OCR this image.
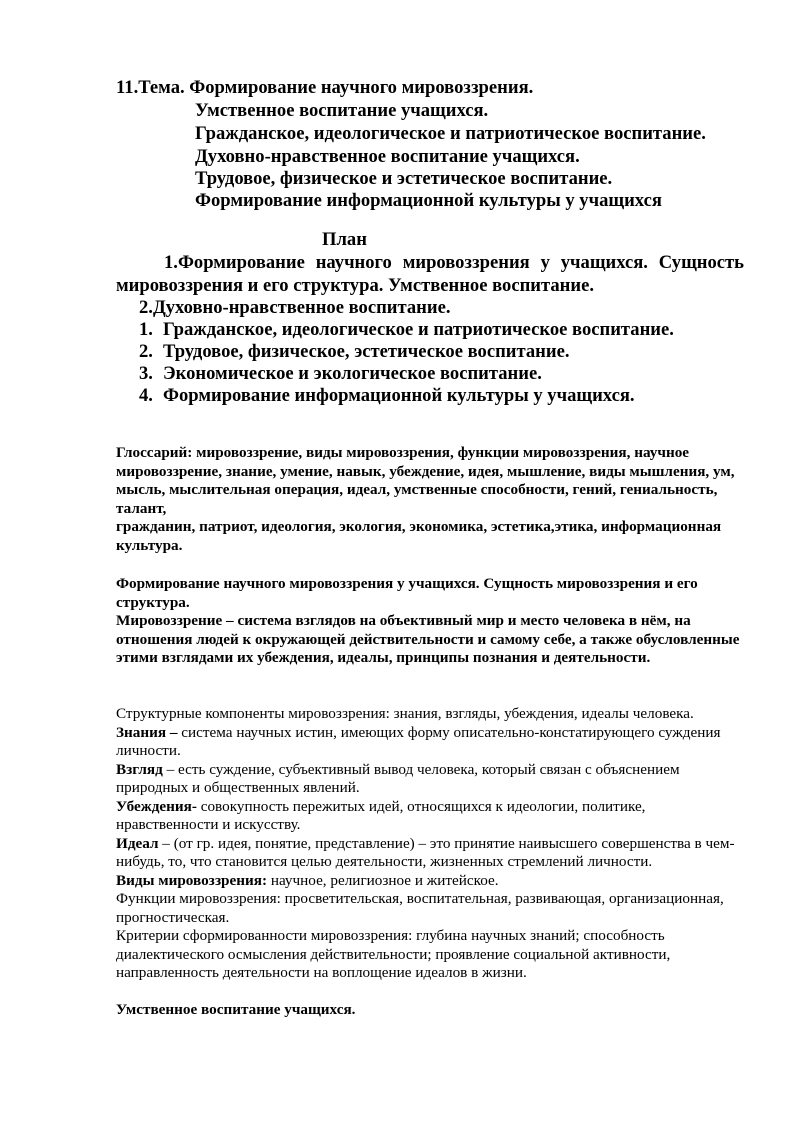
11.Тема. Формирование научного мировоззрения.
Умственное воспитание учащихся.
Гражданское, идеологическое и патриотическое воспитание.
Духовно-нравственное воспитание учащихся.
Трудовое, физическое и эстетическое воспитание.
Формирование информационной культуры у учащихся
План
1.Формирование научного мировоззрения у учащихся. Сущность мировоззрения и его структура. Умственное воспитание.
2.Духовно-нравственное воспитание.
1. Гражданское, идеологическое и патриотическое воспитание.
2. Трудовое, физическое, эстетическое воспитание.
3. Экономическое и экологическое воспитание.
4. Формирование информационной культуры у учащихся.

Глоссарий: мировоззрение, виды мировоззрения, функции мировоззрения, научное мировоззрение, знание, умение, навык, убеждение, идея, мышление, виды мышления, ум, мысль, мыслительная операция, идеал, умственные способности, гений, гениальность, талант,

гражданин, патриот, идеология, экология, экономика, эстетика,этика, информационная культура.

Формирование научного мировоззрения у учащихся. Сущность мировоззрения и его структура.
Мировоззрение – система взглядов на объективный мир и место человека в нём, на отношения людей к окружающей действительности и самому себе, а также обусловленные этими взглядами их убеждения, идеалы, принципы познания и деятельности.

Структурные компоненты мировоззрения: знания, взгляды, убеждения, идеалы человека.

Знания – система научных истин, имеющих форму описательно-констатирующего суждения личности.

Взгляд – есть суждение, субъективный вывод человека, который связан с объяснением природных и общественных явлений.

Убеждения- совокупность пережитых идей, относящихся к идеологии, политике, нравственности и искусству.

Идеал – (от гр. идея, понятие, представление) – это принятие наивысшего совершенства в чем-нибудь, то, что становится целью деятельности, жизненных стремлений личности.

Виды мировоззрения: научное, религиозное и житейское.

Функции мировоззрения: просветительская, воспитательная, развивающая, организационная, прогностическая.

Критерии сформированности мировоззрения: глубина научных знаний; способность диалектического осмысления действительности; проявление социальной активности, направленность деятельности на воплощение идеалов в жизни.

Умственное воспитание учащихся.
